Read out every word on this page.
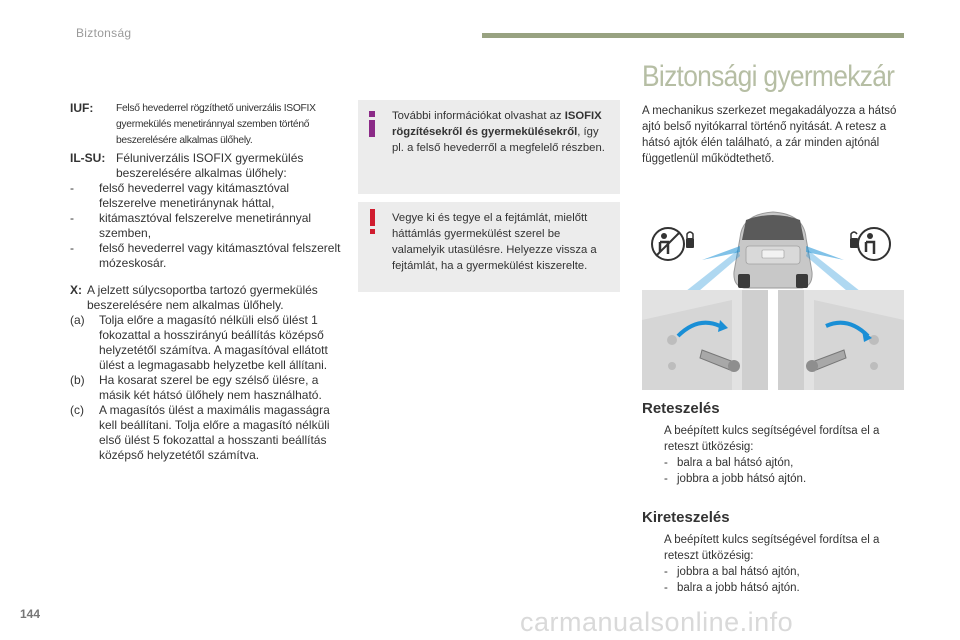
Biztonság
IUF:	Felső hevederrel rögzíthető univerzális ISOFIX gyermekülés menetiránnyal szemben történő beszerelésére alkalmas ülőhely.
IL-SU: Féluniverzális ISOFIX gyermekülés beszerelésére alkalmas ülőhely:
-	felső hevederrel vagy kitámasztóval felszerelve menetiránynak háttal,
-	kitámasztóval felszerelve menetiránnyal szemben,
-	felső hevederrel vagy kitámasztóval felszerelt mózeskosár.
X: A jelzett súlycsoportba tartozó gyermekülés beszerelésére nem alkalmas ülőhely.
(a)	Tolja előre a magasító nélküli első ülést 1 fokozattal a hosszirányú beállítás középső helyzetétől számítva. A magasítóval ellátott ülést a legmagasabb helyzetbe kell állítani.
(b)	Ha kosarat szerel be egy szélső ülésre, a másik két hátsó ülőhely nem használható.
(c)	A magasítós ülést a maximális magasságra kell beállítani. Tolja előre a magasító nélküli első ülést 5 fokozattal a hosszanti beállítás középső helyzetétől számítva.
További információkat olvashat az ISOFIX rögzítésekről és gyermekülésekről, így pl. a felső hevederről a megfelelő részben.
Vegye ki és tegye el a fejtámlát, mielőtt háttámlás gyermekülést szerel be valamelyik utasülésre. Helyezze vissza a fejtámlát, ha a gyermekülést kiszerelte.
Biztonsági gyermekzár
A mechanikus szerkezet megakadályozza a hátsó ajtó belső nyitókarral történő nyitását. A retesz a hátsó ajtók élén található, a zár minden ajtónál függetlenül működtethető.
Reteszelés
A beépített kulcs segítségével fordítsa el a reteszt ütközésig:
- balra a bal hátsó ajtón,
- jobbra a jobb hátsó ajtón.
Kireteszelés
A beépített kulcs segítségével fordítsa el a reteszt ütközésig:
- jobbra a bal hátsó ajtón,
- balra a jobb hátsó ajtón.
144	carmanualsonline.info
